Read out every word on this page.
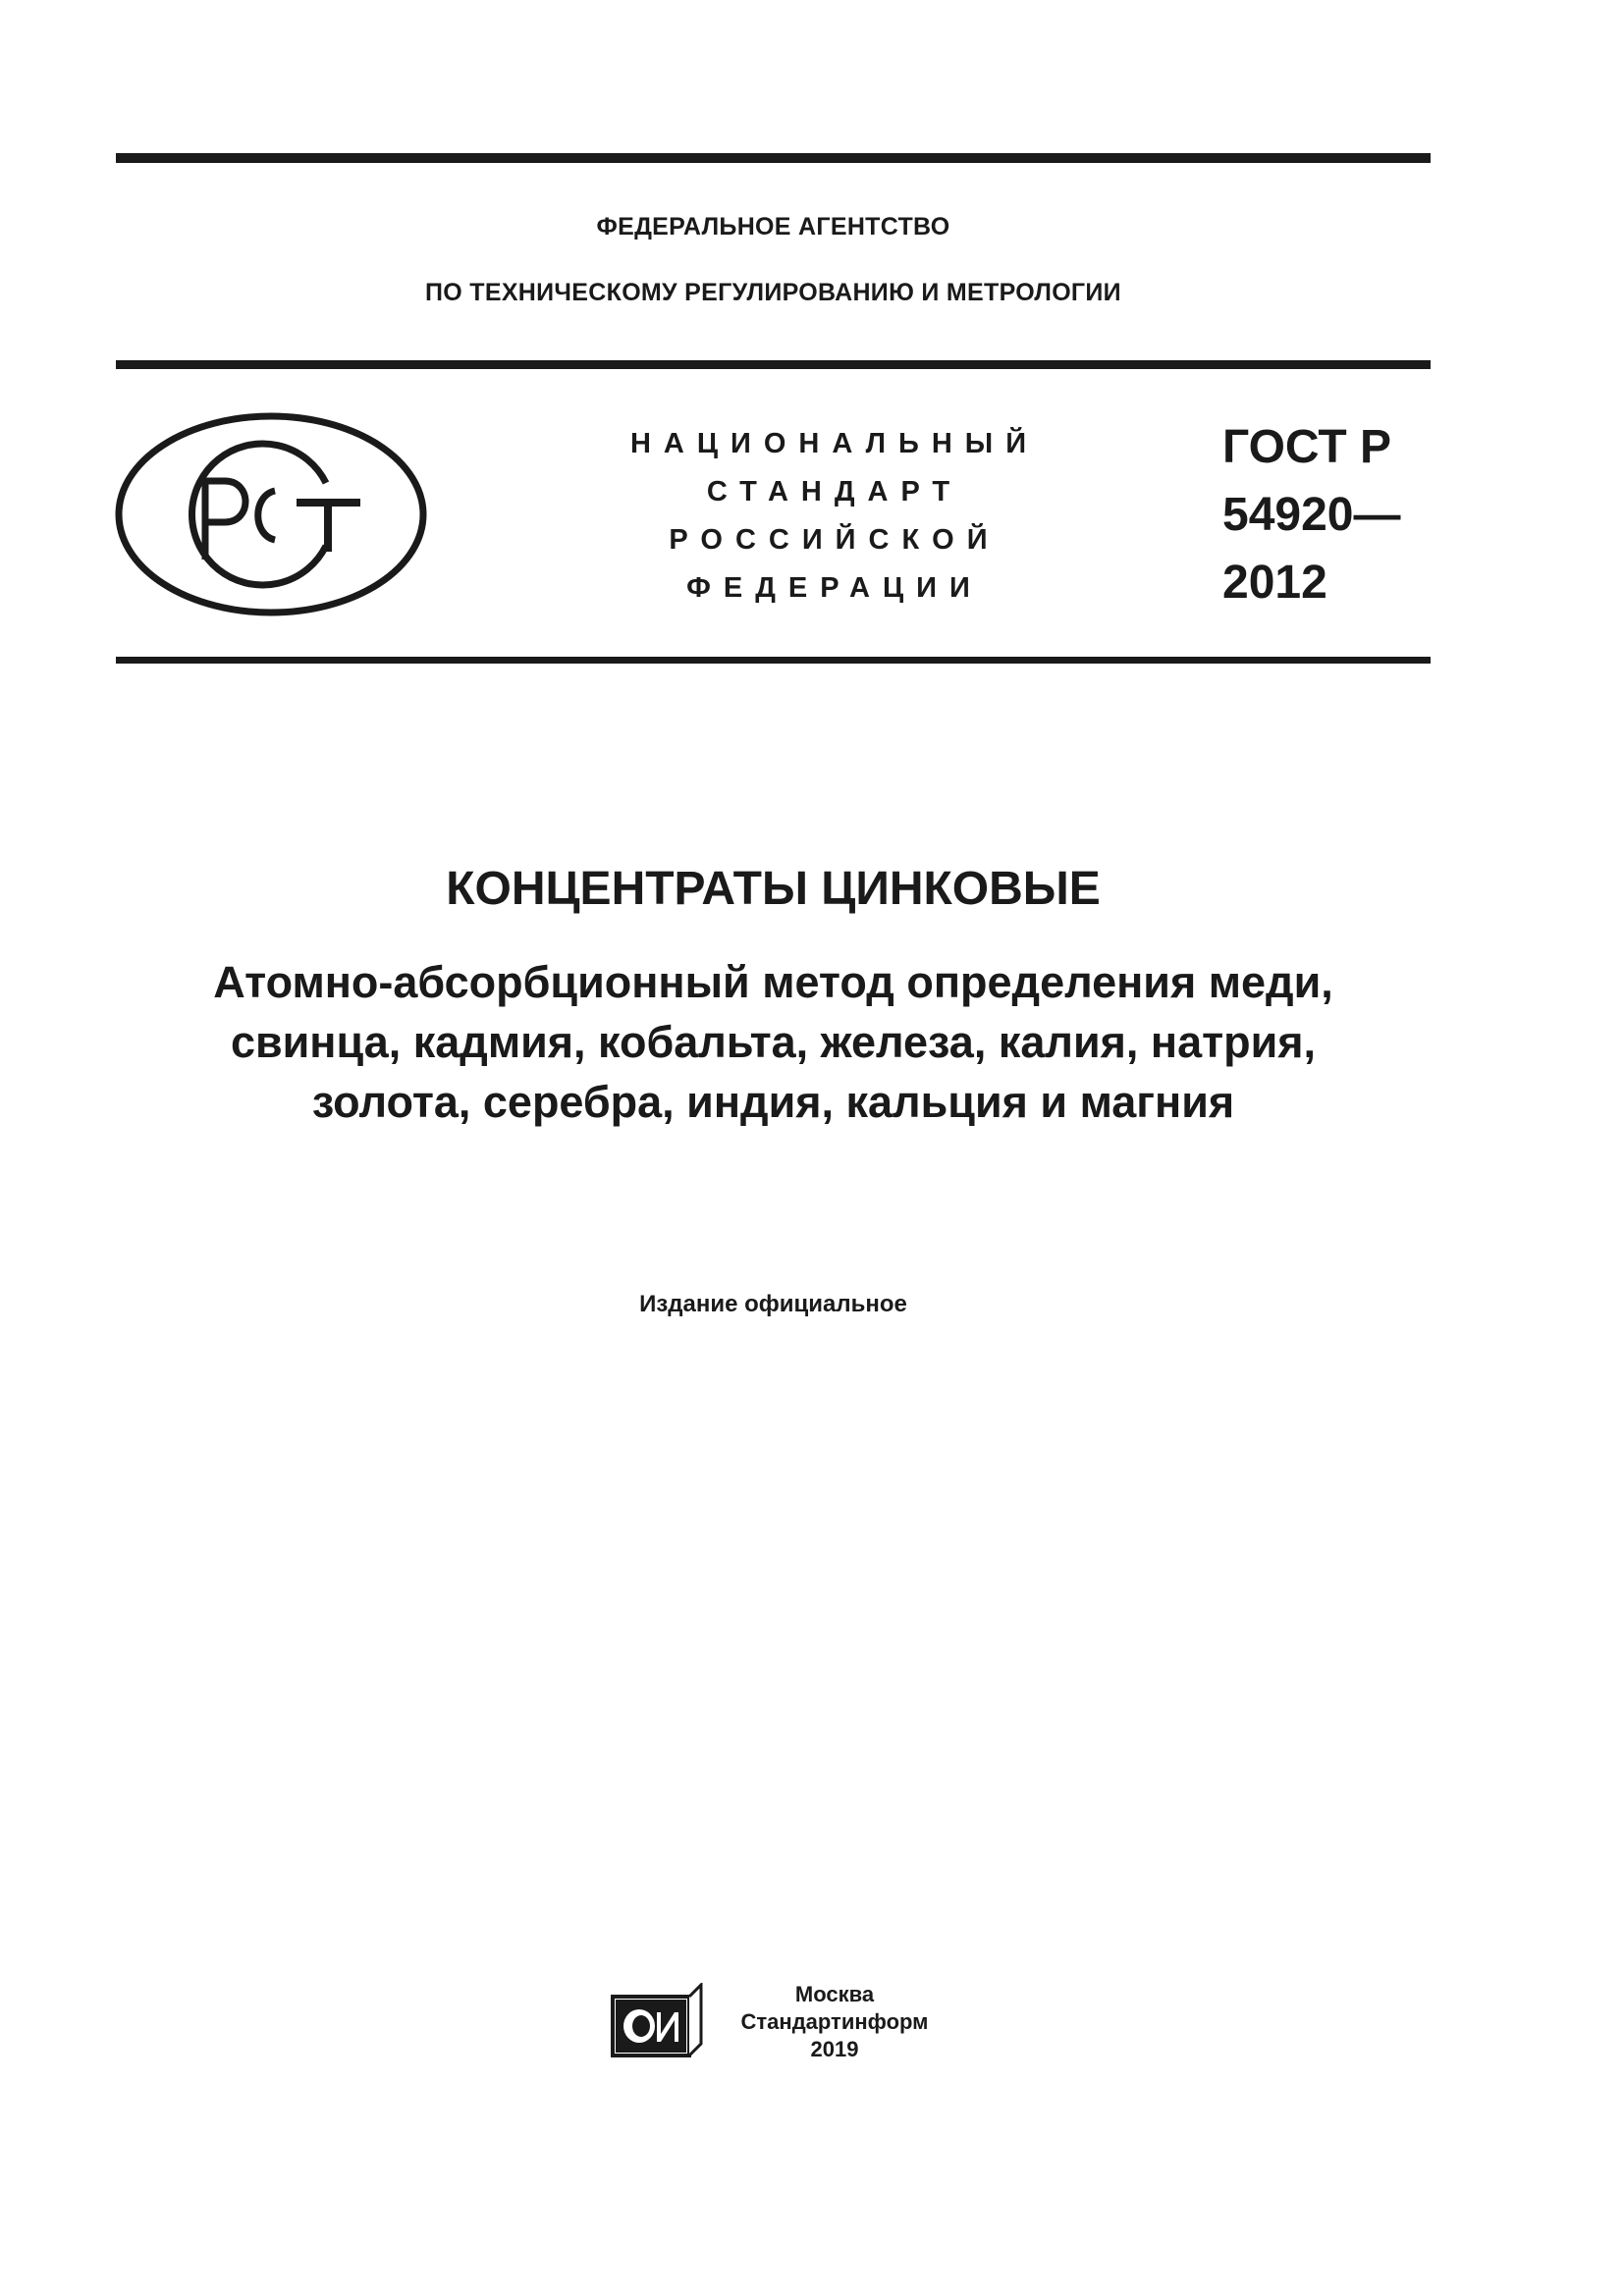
ФЕДЕРАЛЬНОЕ АГЕНТСТВО
ПО ТЕХНИЧЕСКОМУ РЕГУЛИРОВАНИЮ И МЕТРОЛОГИИ
НАЦИОНАЛЬНЫЙ
СТАНДАРТ
РОССИЙСКОЙ
ФЕДЕРАЦИИ
ГОСТ Р
54920—
2012
КОНЦЕНТРАТЫ ЦИНКОВЫЕ
Атомно-абсорбционный метод определения меди,
свинца, кадмия, кобальта, железа, калия, натрия,
золота, серебра, индия, кальция и магния
Издание официальное
Москва
Стандартинформ
2019
